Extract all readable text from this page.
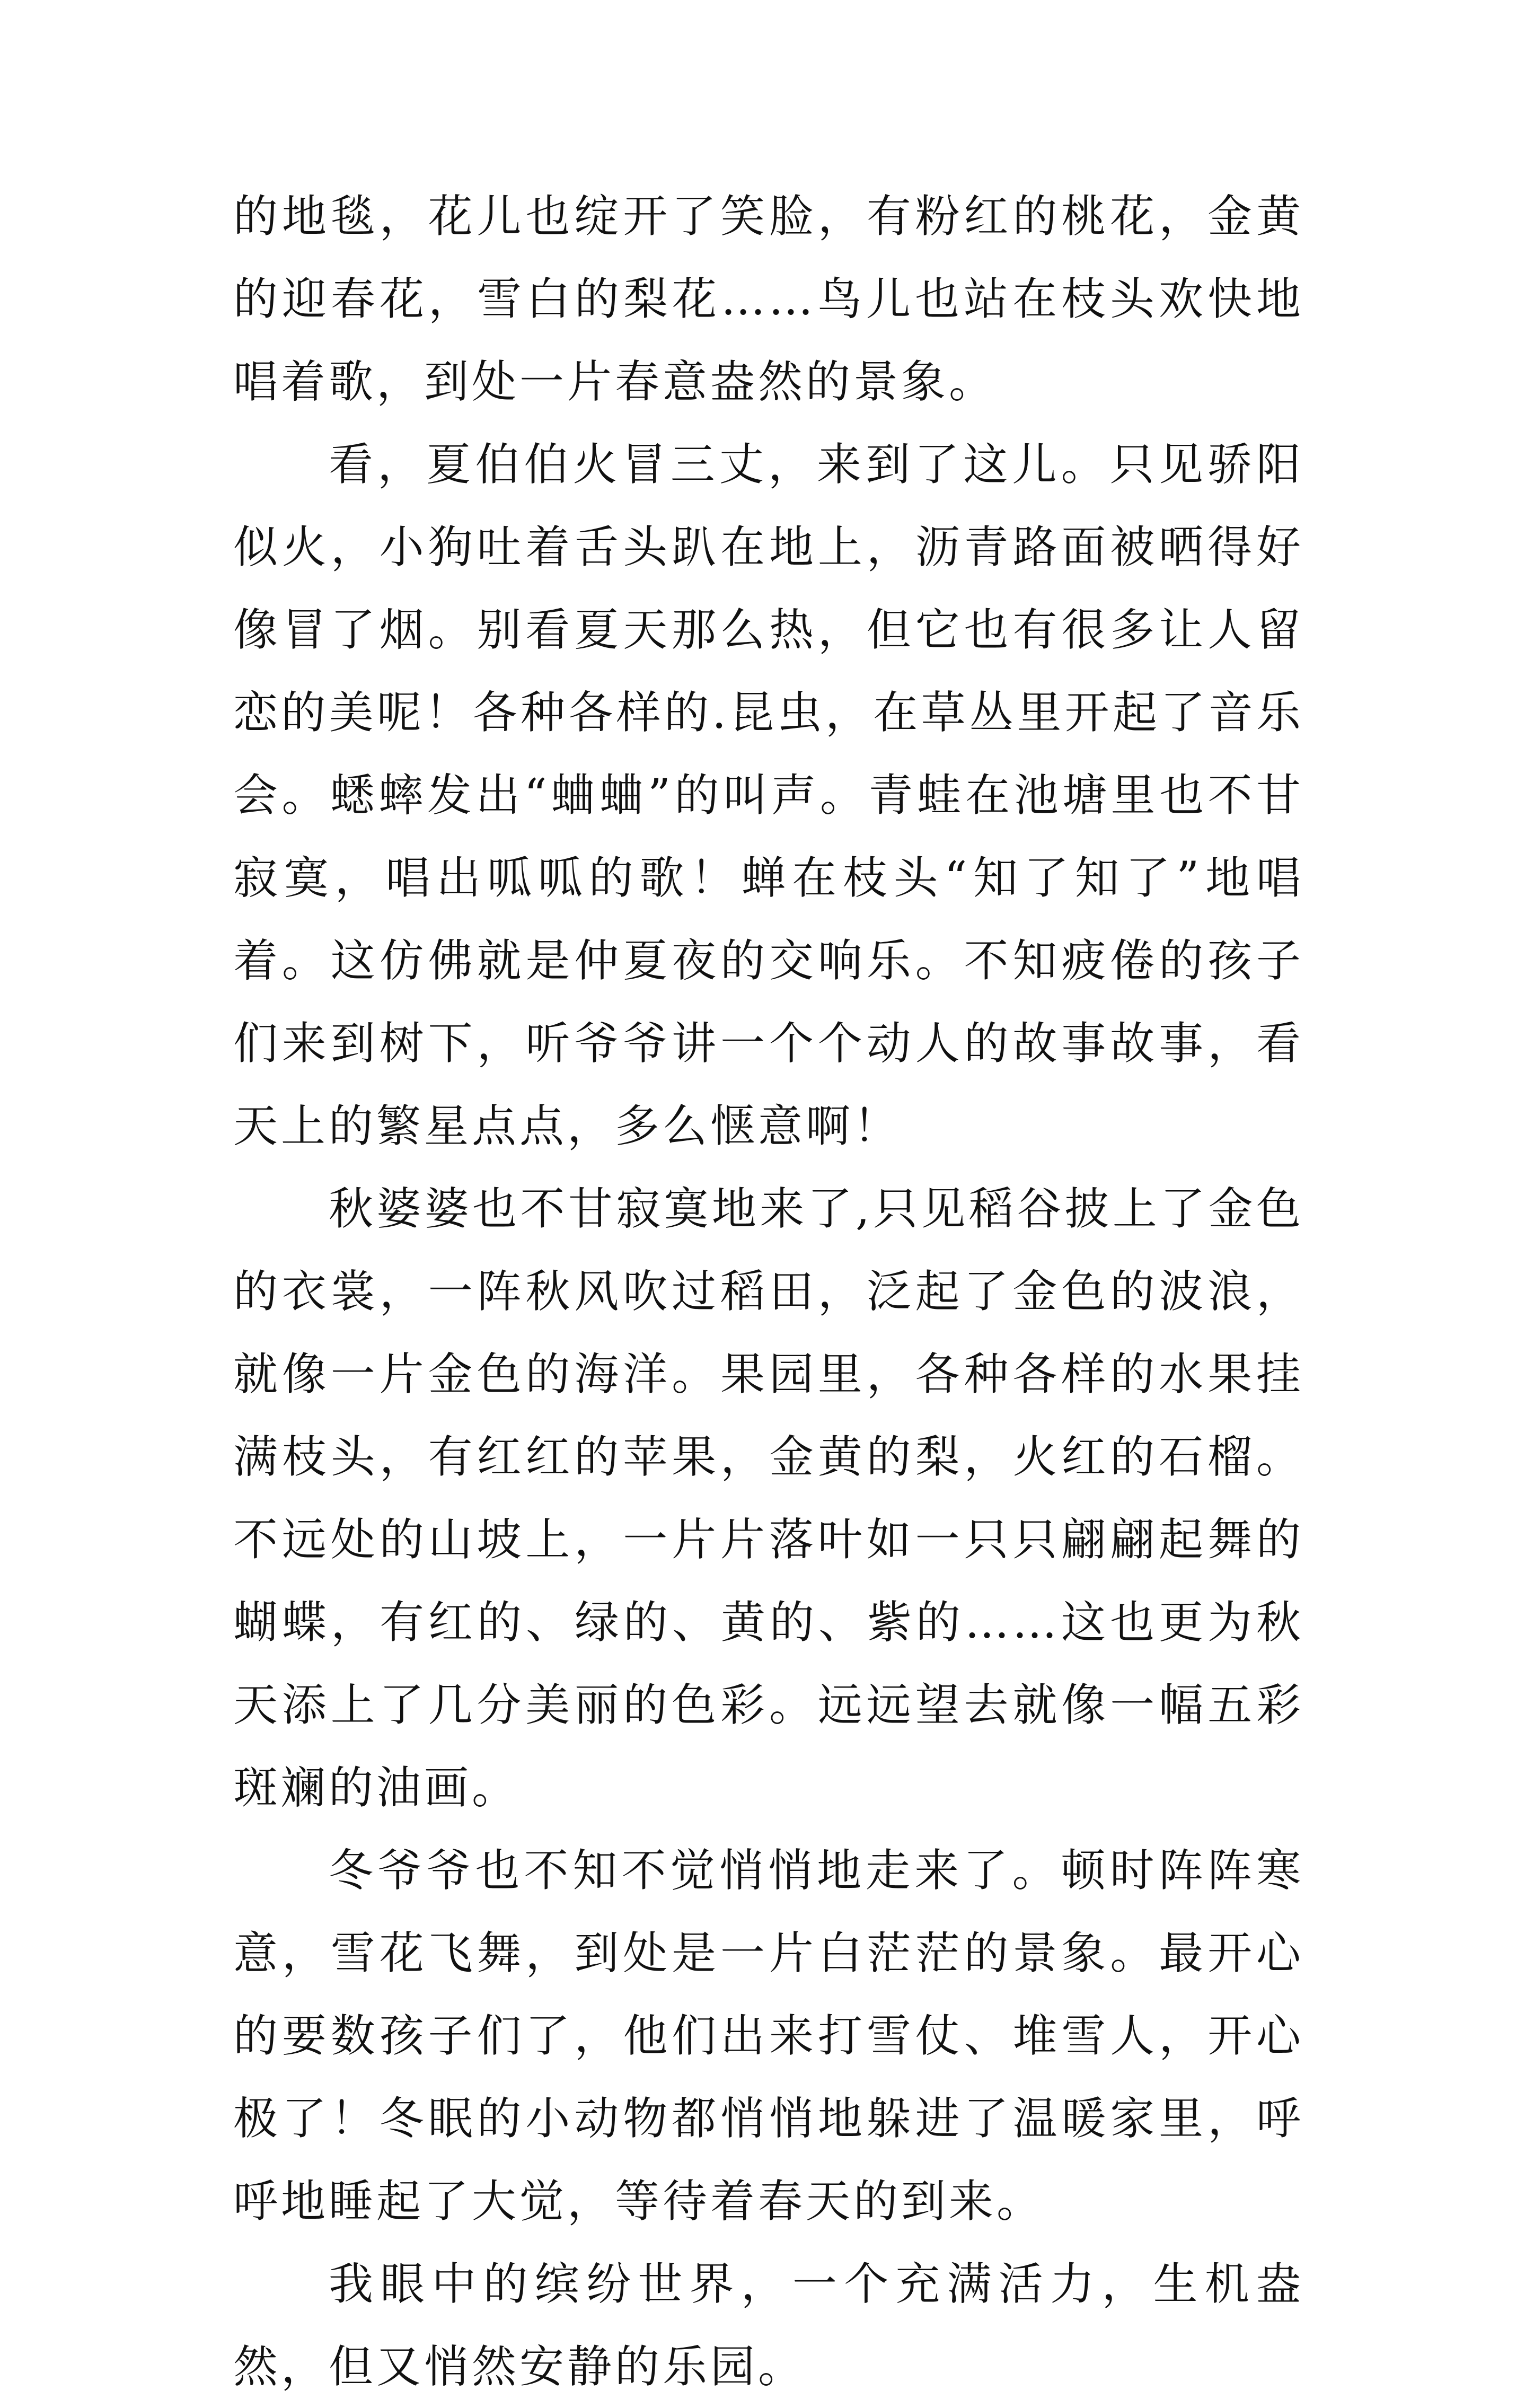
的地毯，花儿也绽开了笑脸，有粉红的桃花，金黄的迎春花，雪白的梨花……鸟儿也站在枝头欢快地唱着歌，到处一片春意盎然的景象。

看，夏伯伯火冒三丈，来到了这儿。只见骄阳似火，小狗吐着舌头趴在地上，沥青路面被晒得好像冒了烟。别看夏天那么热，但它也有很多让人留恋的美呢！各种各样的.昆虫，在草丛里开起了音乐会。蟋蟀发出“蛐蛐”的叫声。青蛙在池塘里也不甘寂寞，唱出呱呱的歌！蝉在枝头“知了知了”地唱着。这仿佛就是仲夏夜的交响乐。不知疲倦的孩子们来到树下，听爷爷讲一个个动人的故事故事，看天上的繁星点点，多么惬意啊！

秋婆婆也不甘寂寞地来了,只见稻谷披上了金色的衣裳，一阵秋风吹过稻田，泛起了金色的波浪，就像一片金色的海洋。果园里，各种各样的水果挂满枝头，有红红的苹果，金黄的梨，火红的石榴。不远处的山坡上，一片片落叶如一只只翩翩起舞的蝴蝶，有红的、绿的、黄的、紫的……这也更为秋天添上了几分美丽的色彩。远远望去就像一幅五彩斑斓的油画。

冬爷爷也不知不觉悄悄地走来了。顿时阵阵寒意，雪花飞舞，到处是一片白茫茫的景象。最开心的要数孩子们了，他们出来打雪仗、堆雪人，开心极了！冬眠的小动物都悄悄地躲进了温暖家里，呼呼地睡起了大觉，等待着春天的到来。

我眼中的缤纷世界，一个充满活力，生机盎然，但又悄然安静的乐园。
